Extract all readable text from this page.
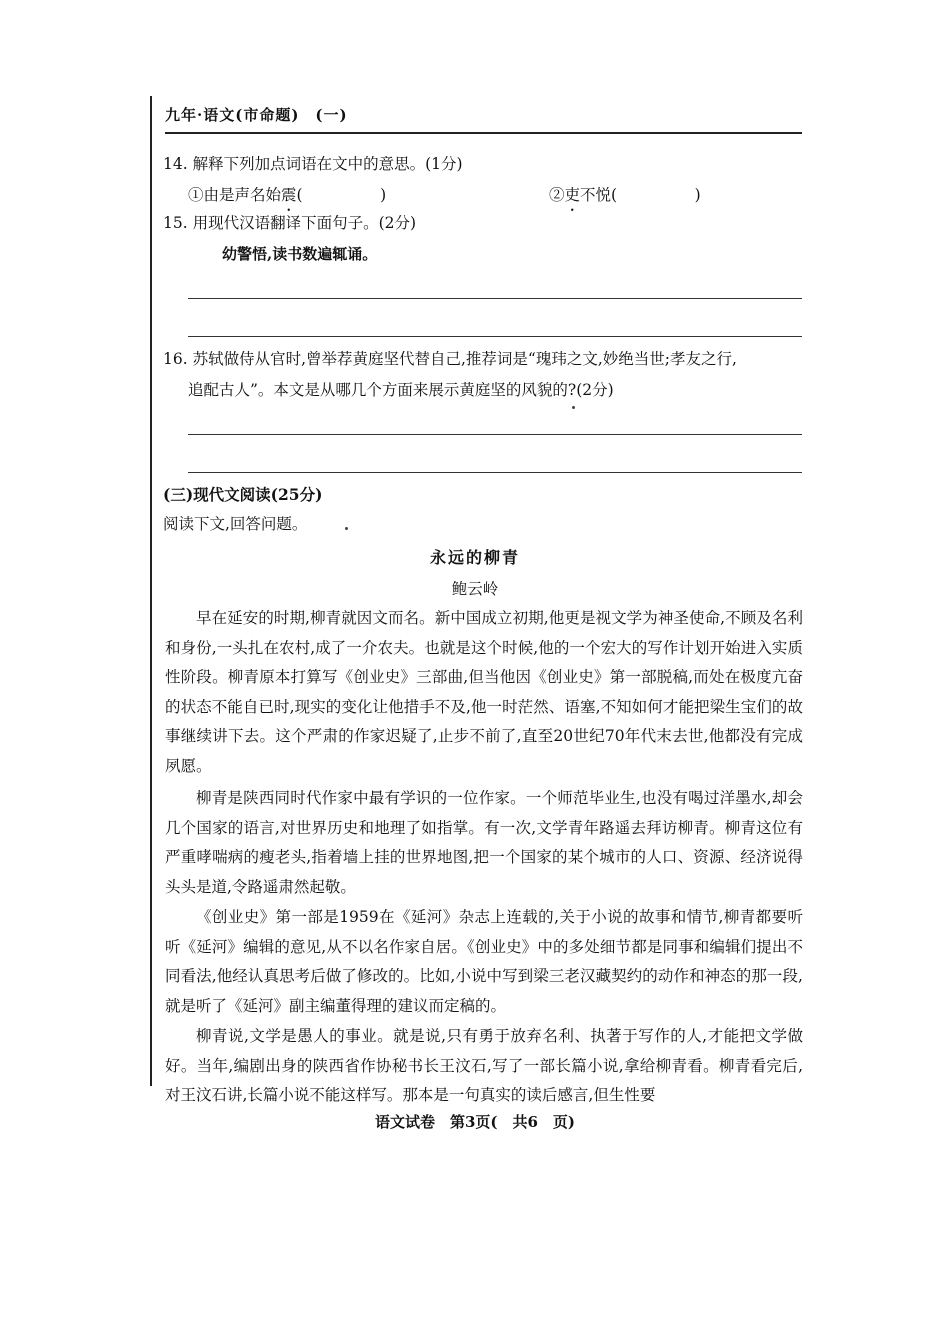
九年·语文(市命题)　(一)
14. 解释下列加点词语在文中的意思。(1分)
①由是声名始震(　　　　　)	②吏不悦(　　　　　)
15. 用现代汉语翻译下面句子。(2分)
幼警悟,读书数遍辄诵。
16. 苏轼做侍从官时,曾举荐黄庭坚代替自己,推荐词是“瑰玮之文,妙绝当世;孝友之行,
追配古人”。本文是从哪几个方面来展示黄庭坚的风貌的?(2分)
(三)现代文阅读(25分)
阅读下文,回答问题。
永远的柳青
鲍云岭

早在延安的时期,柳青就因文而名。新中国成立初期,他更是视文学为神圣使命,不顾及名利和身份,一头扎在农村,成了一介农夫。也就是这个时候,他的一个宏大的写作计划开始进入实质性阶段。柳青原本打算写《创业史》三部曲,但当他因《创业史》第一部脱稿,而处在极度亢奋的状态不能自已时,现实的变化让他措手不及,他一时茫然、语塞,不知如何才能把梁生宝们的故事继续讲下去。这个严肃的作家迟疑了,止步不前了,直至20世纪70年代末去世,他都没有完成夙愿。

柳青是陕西同时代作家中最有学识的一位作家。一个师范毕业生,也没有喝过洋墨水,却会几个国家的语言,对世界历史和地理了如指掌。有一次,文学青年路遥去拜访柳青。柳青这位有严重哮喘病的瘦老头,指着墙上挂的世界地图,把一个国家的某个城市的人口、资源、经济说得头头是道,令路遥肃然起敬。

《创业史》第一部是1959在《延河》杂志上连载的,关于小说的故事和情节,柳青都要听听《延河》编辑的意见,从不以名作家自居。《创业史》中的多处细节都是同事和编辑们提出不同看法,他经认真思考后做了修改的。比如,小说中写到梁三老汉藏契约的动作和神态的那一段,就是听了《延河》副主编董得理的建议而定稿的。

柳青说,文学是愚人的事业。就是说,只有勇于放弃名利、执著于写作的人,才能把文学做好。当年,编剧出身的陕西省作协秘书长王汶石,写了一部长篇小说,拿给柳青看。柳青看完后,对王汶石讲,长篇小说不能这样写。那本是一句真实的读后感言,但生性要

语文试卷　第3页(　共6　页)
